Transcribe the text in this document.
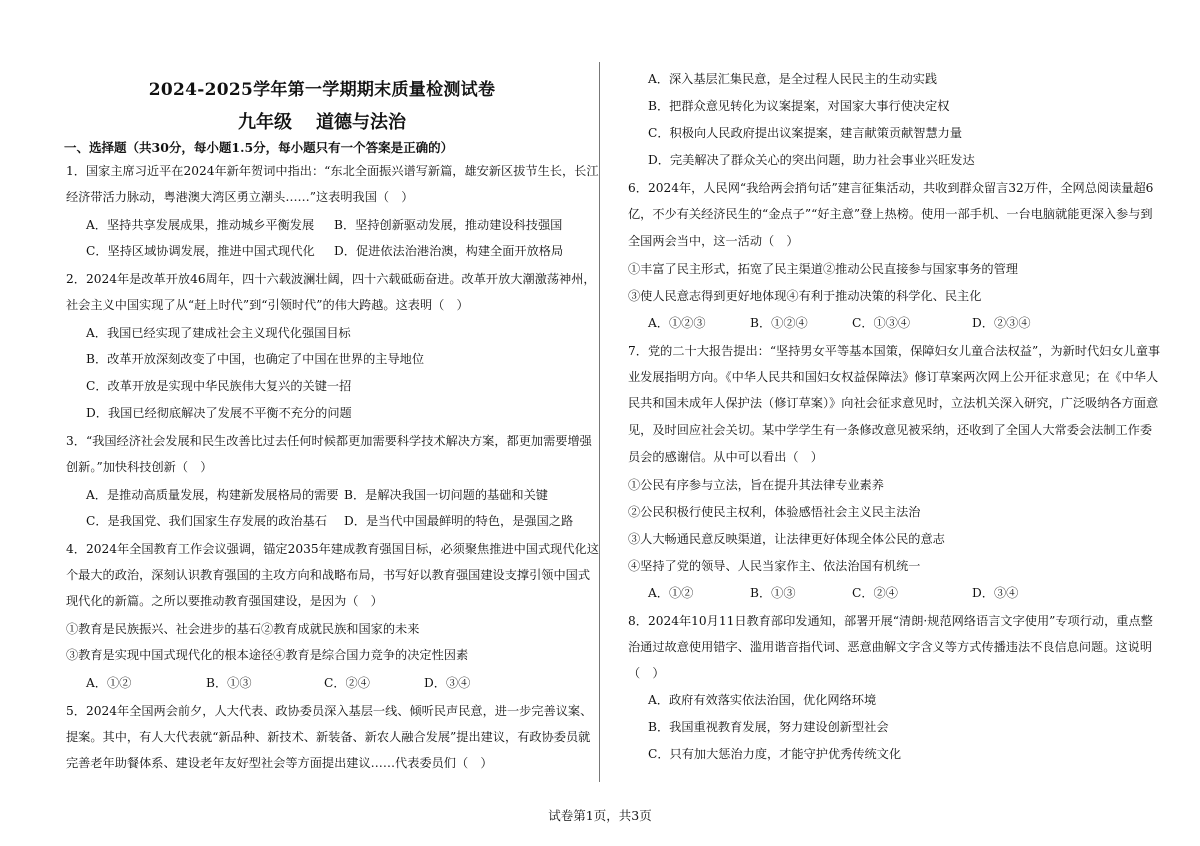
2024-2025学年第一学期期末质量检测试卷
九年级 道德与法治
一、选择题（共30分，每小题1.5分，每小题只有一个答案是正确的）
1．国家主席习近平在2024年新年贺词中指出：“东北全面振兴谱写新篇，雄安新区拔节生长，长江
经济带活力脉动，粤港澳大湾区勇立潮头……”这表明我国（　）
A．坚持共享发展成果，推动城乡平衡发展 B．坚持创新驱动发展，推动建设科技强国
C．坚持区域协调发展，推进中国式现代化 D．促进依法治港治澳，构建全面开放格局
2．2024年是改革开放46周年，四十六载波澜壮阔，四十六载砥砺奋进。改革开放大潮激荡神州，
社会主义中国实现了从“赶上时代”到“引领时代”的伟大跨越。这表明（　）
A．我国已经实现了建成社会主义现代化强国目标
B．改革开放深刻改变了中国，也确定了中国在世界的主导地位
C．改革开放是实现中华民族伟大复兴的关键一招
D．我国已经彻底解决了发展不平衡不充分的问题
3．“我国经济社会发展和民生改善比过去任何时候都更加需要科学技术解决方案，都更加需要增强
创新。”加快科技创新（　）
A．是推动高质量发展，构建新发展格局的需要 B．是解决我国一切问题的基础和关键
C．是我国党、我们国家生存发展的政治基石 D．是当代中国最鲜明的特色，是强国之路
4．2024年全国教育工作会议强调，锚定2035年建成教育强国目标，必须聚焦推进中国式现代化这
个最大的政治，深刻认识教育强国的主攻方向和战略布局，书写好以教育强国建设支撑引领中国式
现代化的新篇。之所以要推动教育强国建设，是因为（　）
①教育是民族振兴、社会进步的基石②教育成就民族和国家的未来
③教育是实现中国式现代化的根本途径④教育是综合国力竞争的决定性因素
A．①②	B．①③	C．②④	D．③④
5．2024年全国两会前夕，人大代表、政协委员深入基层一线、倾听民声民意，进一步完善议案、
提案。其中，有人大代表就“新品种、新技术、新装备、新农人融合发展”提出建议，有政协委员就
完善老年助餐体系、建设老年友好型社会等方面提出建议……代表委员们（　）
A．深入基层汇集民意，是全过程人民民主的生动实践
B．把群众意见转化为议案提案，对国家大事行使决定权
C．积极向人民政府提出议案提案，建言献策贡献智慧力量
D．完美解决了群众关心的突出问题，助力社会事业兴旺发达
6．2024年，人民网“我给两会捎句话”建言征集活动，共收到群众留言32万件，全网总阅读量超6
亿，不少有关经济民生的“金点子”“好主意”登上热榜。使用一部手机、一台电脑就能更深入参与到
全国两会当中，这一活动（　）
①丰富了民主形式，拓宽了民主渠道②推动公民直接参与国家事务的管理
③使人民意志得到更好地体现④有利于推动决策的科学化、民主化
A．①②③	B．①②④	C．①③④	D．②③④
7．党的二十大报告提出：“坚持男女平等基本国策，保障妇女儿童合法权益”，为新时代妇女儿童事
业发展指明方向。《中华人民共和国妇女权益保障法》修订草案两次网上公开征求意见；在《中华人
民共和国未成年人保护法（修订草案）》向社会征求意见时，立法机关深入研究，广泛吸纳各方面意
见，及时回应社会关切。某中学学生有一条修改意见被采纳，还收到了全国人大常委会法制工作委
员会的感谢信。从中可以看出（　）
①公民有序参与立法，旨在提升其法律专业素养
②公民积极行使民主权利，体验感悟社会主义民主法治
③人大畅通民意反映渠道，让法律更好体现全体公民的意志
④坚持了党的领导、人民当家作主、依法治国有机统一
A．①②	B．①③	C．②④	D．③④
8．2024年10月11日教育部印发通知，部署开展“清朗·规范网络语言文字使用”专项行动，重点整
治通过故意使用错字、滥用谐音指代词、恶意曲解文字含义等方式传播违法不良信息问题。这说明
（　）
A．政府有效落实依法治国，优化网络环境
B．我国重视教育发展，努力建设创新型社会
C．只有加大惩治力度，才能守护优秀传统文化
试卷第1页，共3页
